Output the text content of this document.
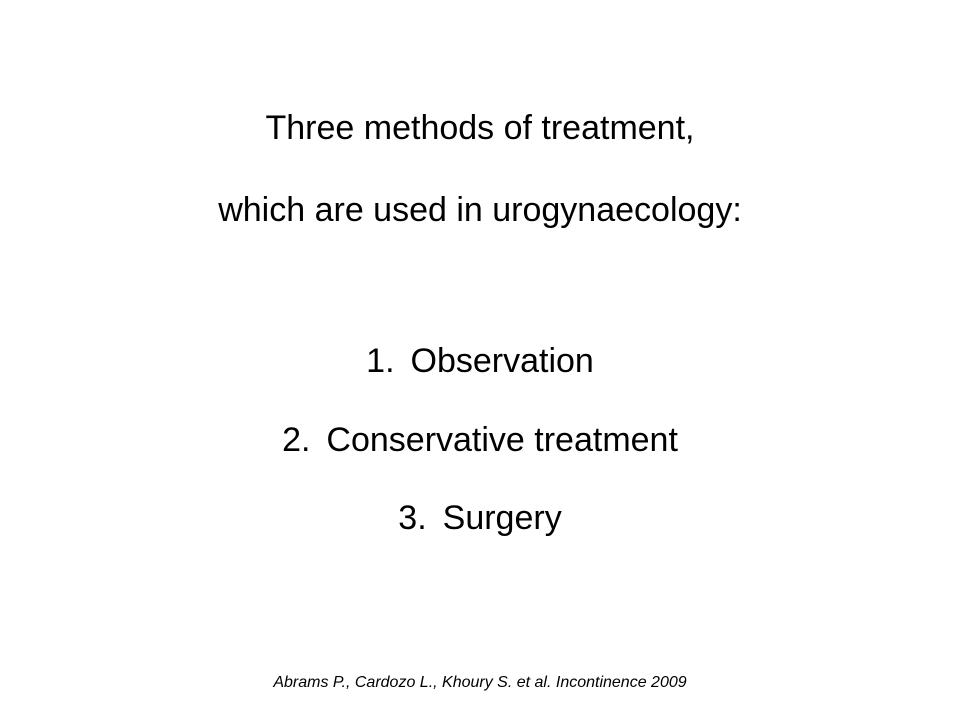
Three methods of treatment,
which are used in urogynaecology:
1. Observation
2. Conservative treatment
3. Surgery
Abrams P., Cardozo L., Khoury S. et al. Incontinence 2009
